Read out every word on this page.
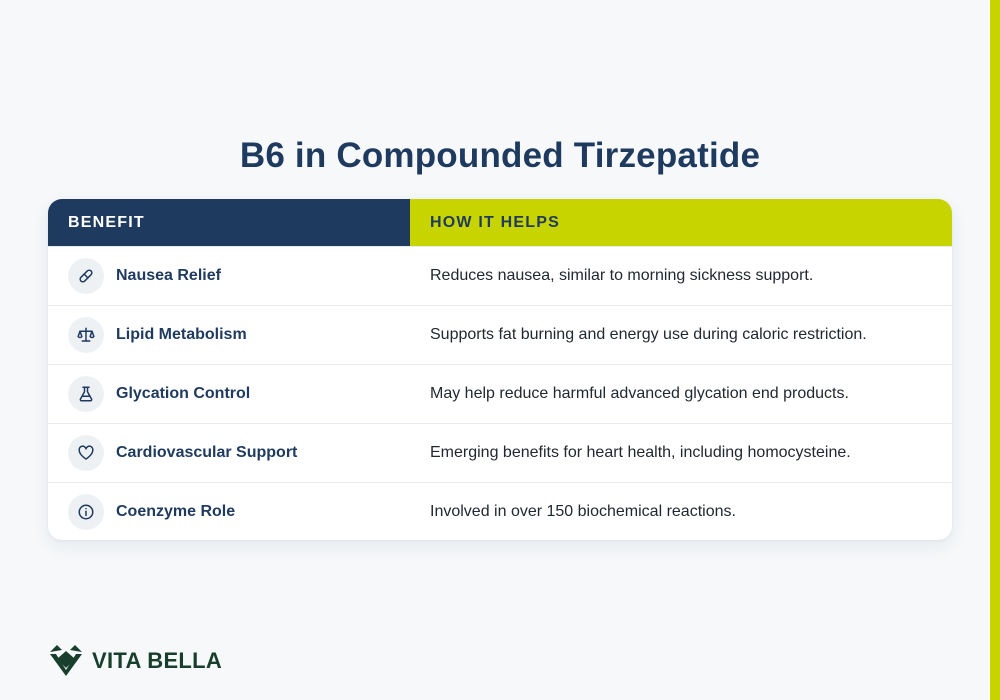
B6 in Compounded Tirzepatide
BENEFIT	HOW IT HELPS
Nausea Relief	Reduces nausea, similar to morning sickness support.
Lipid Metabolism	Supports fat burning and energy use during caloric restriction.
Glycation Control	May help reduce harmful advanced glycation end products.
Cardiovascular Support	Emerging benefits for heart health, including homocysteine.
Coenzyme Role	Involved in over 150 biochemical reactions.
VITA BELLA
